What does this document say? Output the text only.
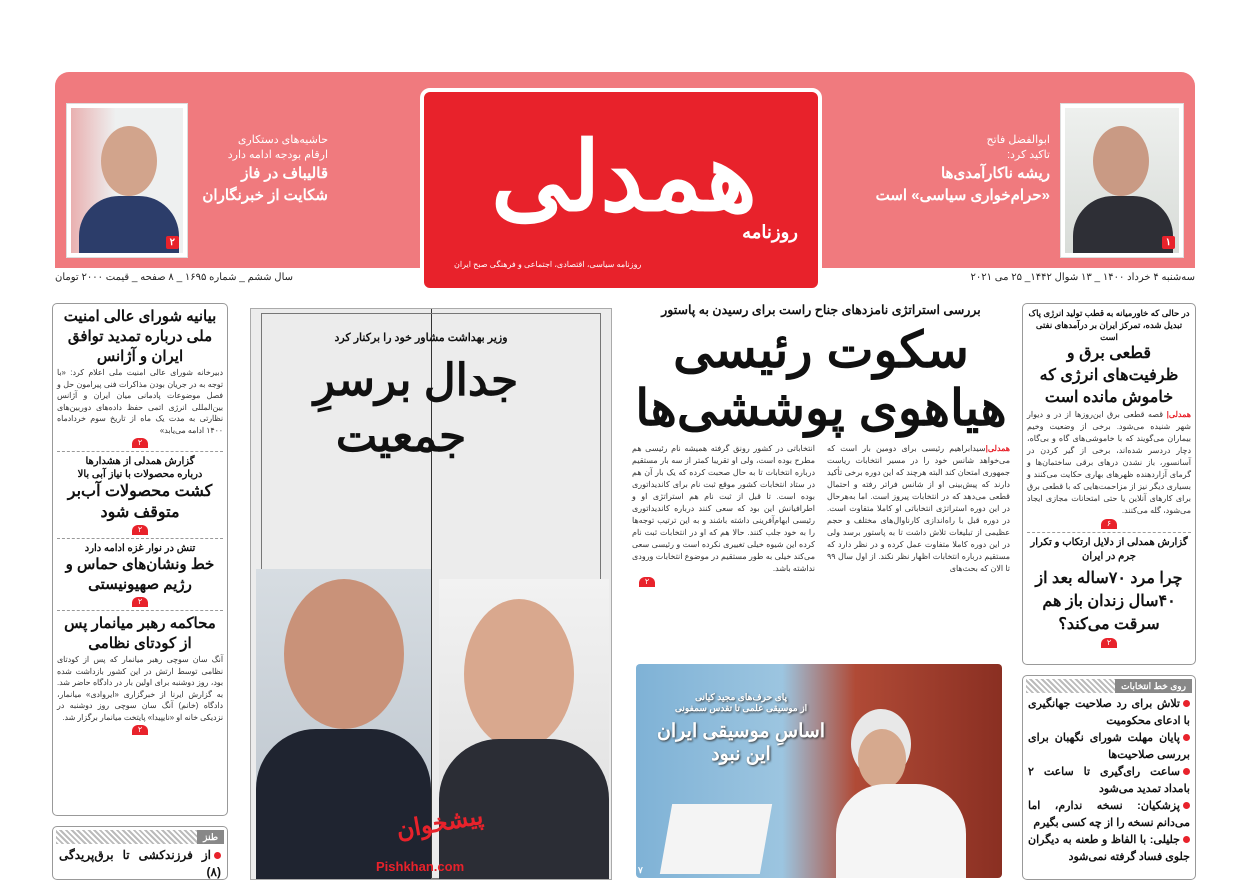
۱
ابوالفضل فاتح
تاکید کرد:
ریشه ناکارآمدی‌ها
«حرام‌خواری سیاسی» است
۲
حاشیه‌های دستکاری
ارقام بودجه ادامه دارد
قالیباف در فاز
شکایت از خبرنگاران	همدلی
روزنامه
روزنامه سیاسی، اقتصادی، اجتماعی و فرهنگی صبح ایران
سه‌شنبه ۴ خرداد ۱۴۰۰ _ ۱۳ شوال ۱۴۴۲_ ۲۵ می ۲۰۲۱
سال ششم _ شماره ۱۶۹۵ _ ۸ صفحه _ قیمت ۲۰۰۰ تومان
در حالی که خاورمیانه به قطب تولید انرژی پاک تبدیل شده، تمرکز ایران بر درآمدهای نفتی است
قطعی برق و ظرفیت‌های انرژی که خاموش مانده است
همدلی| قصه قطعی برق این‌روزها از در و دیوار شهر شنیده می‌شود. برخی از وضعیت وخیم بیماران می‌گویند که با خاموشی‌های گاه و بی‌گاه، دچار دردسر شده‌اند، برخی از گیر کردن در آسانسور، باز نشدن درهای برقی ساختمان‌ها و گرمای آزاردهنده ظهرهای بهاری حکایت می‌کنند و بسیاری دیگر نیز از مزاحمت‌هایی که با قطعی برق برای کارهای آنلاین یا حتی امتحانات مجازی ایجاد می‌شود، گله می‌کنند.
۶
گزارش همدلی از دلایل ارتکاب و تکرار جرم در ایران
چرا مرد ۷۰ساله بعد از ۴۰سال زندان باز هم سرقت می‌کند؟
۲
روی خط انتخابات
تلاش برای رد صلاحیت جهانگیری با ادعای محکومیت
پایان مهلت شورای نگهبان برای بررسی صلاحیت‌ها
ساعت رای‌گیری تا ساعت ۲ بامداد تمدید می‌شود
پزشکیان: نسخه ندارم، اما می‌دانم نسخه را از چه کسی بگیرم
جلیلی: با الفاظ و طعنه به دیگران جلوی فساد گرفته نمی‌شود
بررسی استراتژی نامزدهای جناح راست برای رسیدن به پاستور
سکوت رئیسی
هیاهوی پوششی‌ها
همدلی|سیدابراهیم رئیسی برای دومین بار است که می‌خواهد شانس خود را در مسیر انتخابات ریاست جمهوری امتحان کند البته هرچند که این دوره برخی تأکید دارند که پیش‌بینی او از شانس فراتر رفته و احتمال قطعی می‌دهد که در انتخابات پیروز است. اما به‌هرحال در این دوره استراتژی انتخاباتی او کاملا متفاوت است. در دوره قبل با راه‌اندازی کارناوال‌های مختلف و حجم عظیمی از تبلیغات تلاش داشت تا به پاستور برسد ولی در این دوره کاملا متفاوت عمل کرده و در نظر دارد که مستقیم درباره انتخابات اظهار نظر نکند. از اول سال ۹۹ تا الان که بحث‌های
انتخاباتی در کشور رونق گرفته همیشه نام رئیسی هم مطرح بوده است، ولی او تقریبا کمتر از سه بار مستقیم درباره انتخابات تا به حال صحبت کرده که یک بار آن هم در ستاد انتخابات کشور موقع ثبت نام برای کاندیداتوری بوده است. تا قبل از ثبت نام هم استراتژی او و اطرافیانش این بود که سعی کنند درباره کاندیداتوری رئیسی ابهام‌آفرینی داشته باشند و به این ترتیب توجه‌ها را به خود جلب کنند. حالا هم که او در انتخابات ثبت نام کرده این شیوه خیلی تغییری نکرده است و رئیسی سعی می‌کند خیلی به طور مستقیم در موضوع انتخابات ورودی نداشته باشد.
۲
پای حرف‌های مجید کیانی
از موسیقی علمی تا تقدس سمفونی
اساسِ موسیقی ایران
این نبود
۷
وزیر بهداشت مشاور خود را برکنار کرد
جدال برسرِ
جمعیت
پیشخوان
Pishkhan.com
بیانیه شورای عالی امنیت ملی درباره تمدید توافق ایران و آژانس
دبیرخانه شورای عالی امنیت ملی اعلام کرد: «با توجه به در جریان بودن مذاکرات فنی پیرامون حل و فصل موضوعات پادمانی میان ایران و آژانس بین‌المللی انرژی اتمی حفظ داده‌های دوربین‌های نظارتی به مدت یک ماه از تاریخ سوم خردادماه ۱۴۰۰ ادامه می‌یابد»
۲
گزارش همدلی از هشدارها
درباره محصولات با نیاز آبی بالا
کشت محصولات آب‌بر متوقف شود
۲
تنش در نوار غزه ادامه دارد
خط ونشان‌های حماس و رژیم صهیونیستی
۲
محاکمه رهبر میانمار پس از کودتای نظامی
آنگ سان سوچی رهبر میانمار که پس از کودتای نظامی توسط ارتش در این کشور بازداشت شده بود، روز دوشنبه برای اولین بار در دادگاه حاضر شد. به گزارش ایرنا از خبرگزاری «ایروادی» میانمار، دادگاه (خانم) آنگ سان سوچی روز دوشنبه در نزدیکی خانه او «نایپیدا» پایتخت میانمار برگزار شد.
۲
طنز
از فرزندکشی تا برق‌پریدگی (۸)
